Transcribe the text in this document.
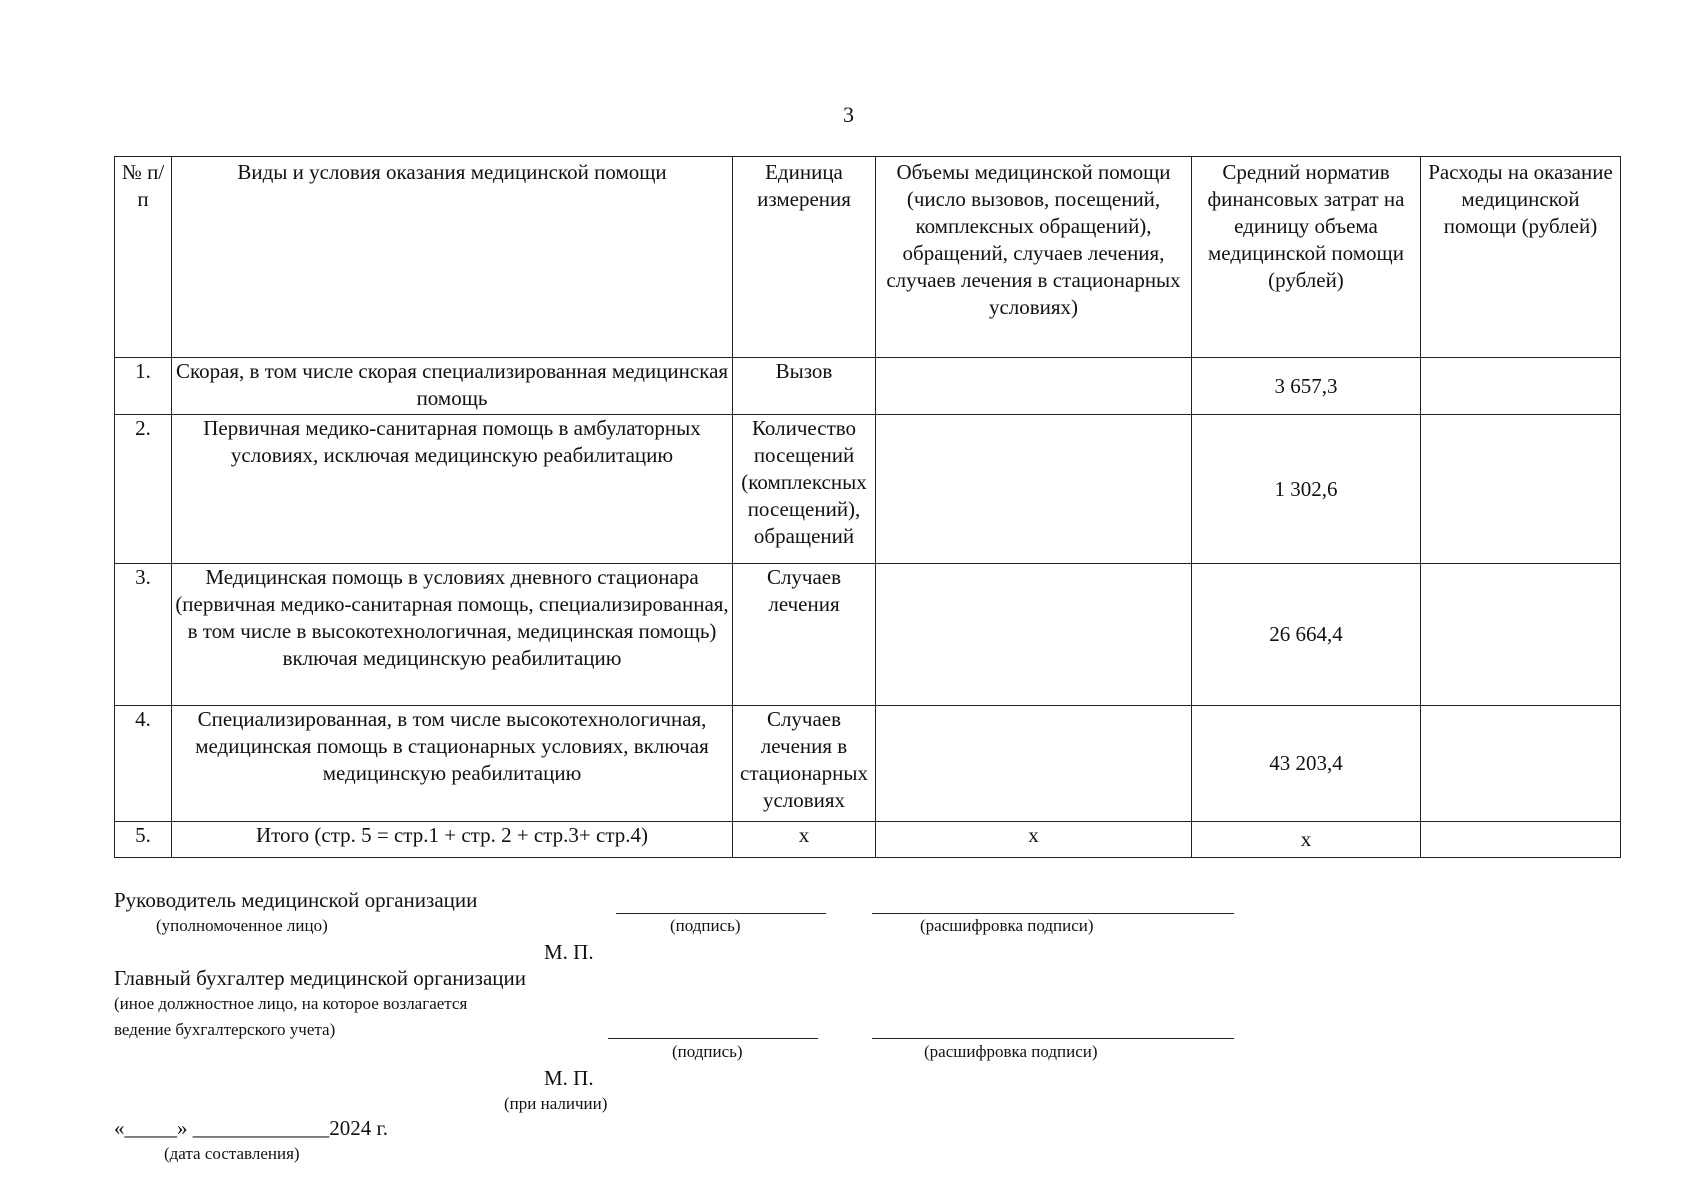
3
№ п/п	Виды и условия оказания медицинской помощи	Единица измерения	Объемы медицинской помощи (число вызовов, посещений, комплексных обращений), обращений, случаев лечения, случаев лечения в стационарных условиях)	Средний норматив финансовых затрат на единицу объема медицинской помощи (рублей)	Расходы на оказание медицинской помощи (рублей)
1.	Скорая, в том числе скорая специализированная медицинская помощь	Вызов		3 657,3	
2.	Первичная медико-санитарная помощь в амбулаторных условиях, исключая медицинскую реабилитацию	Количество посещений (комплексных посещений), обращений		1 302,6	
3.	Медицинская помощь в условиях дневного стационара (первичная медико-санитарная помощь, специализированная, в том числе в высокотехнологичная, медицинская помощь) включая медицинскую реабилитацию	Случаев лечения		26 664,4	
4.	Специализированная, в том числе высокотехнологичная, медицинская помощь в стационарных условиях, включая медицинскую реабилитацию	Случаев лечения в стационарных условиях		43 203,4	
5.	Итого (стр. 5 = стр.1 + стр. 2 + стр.3+ стр.4)	x	x	x	
Руководитель медицинской организации
(уполномоченное лицо)	(подпись)	(расшифровка подписи)
М. П.
Главный бухгалтер медицинской организации
(иное должностное лицо, на которое возлагается
ведение бухгалтерского учета)
(подпись)	(расшифровка подписи)
М. П.
(при наличии)
«_____» _____________2024 г.
(дата составления)
